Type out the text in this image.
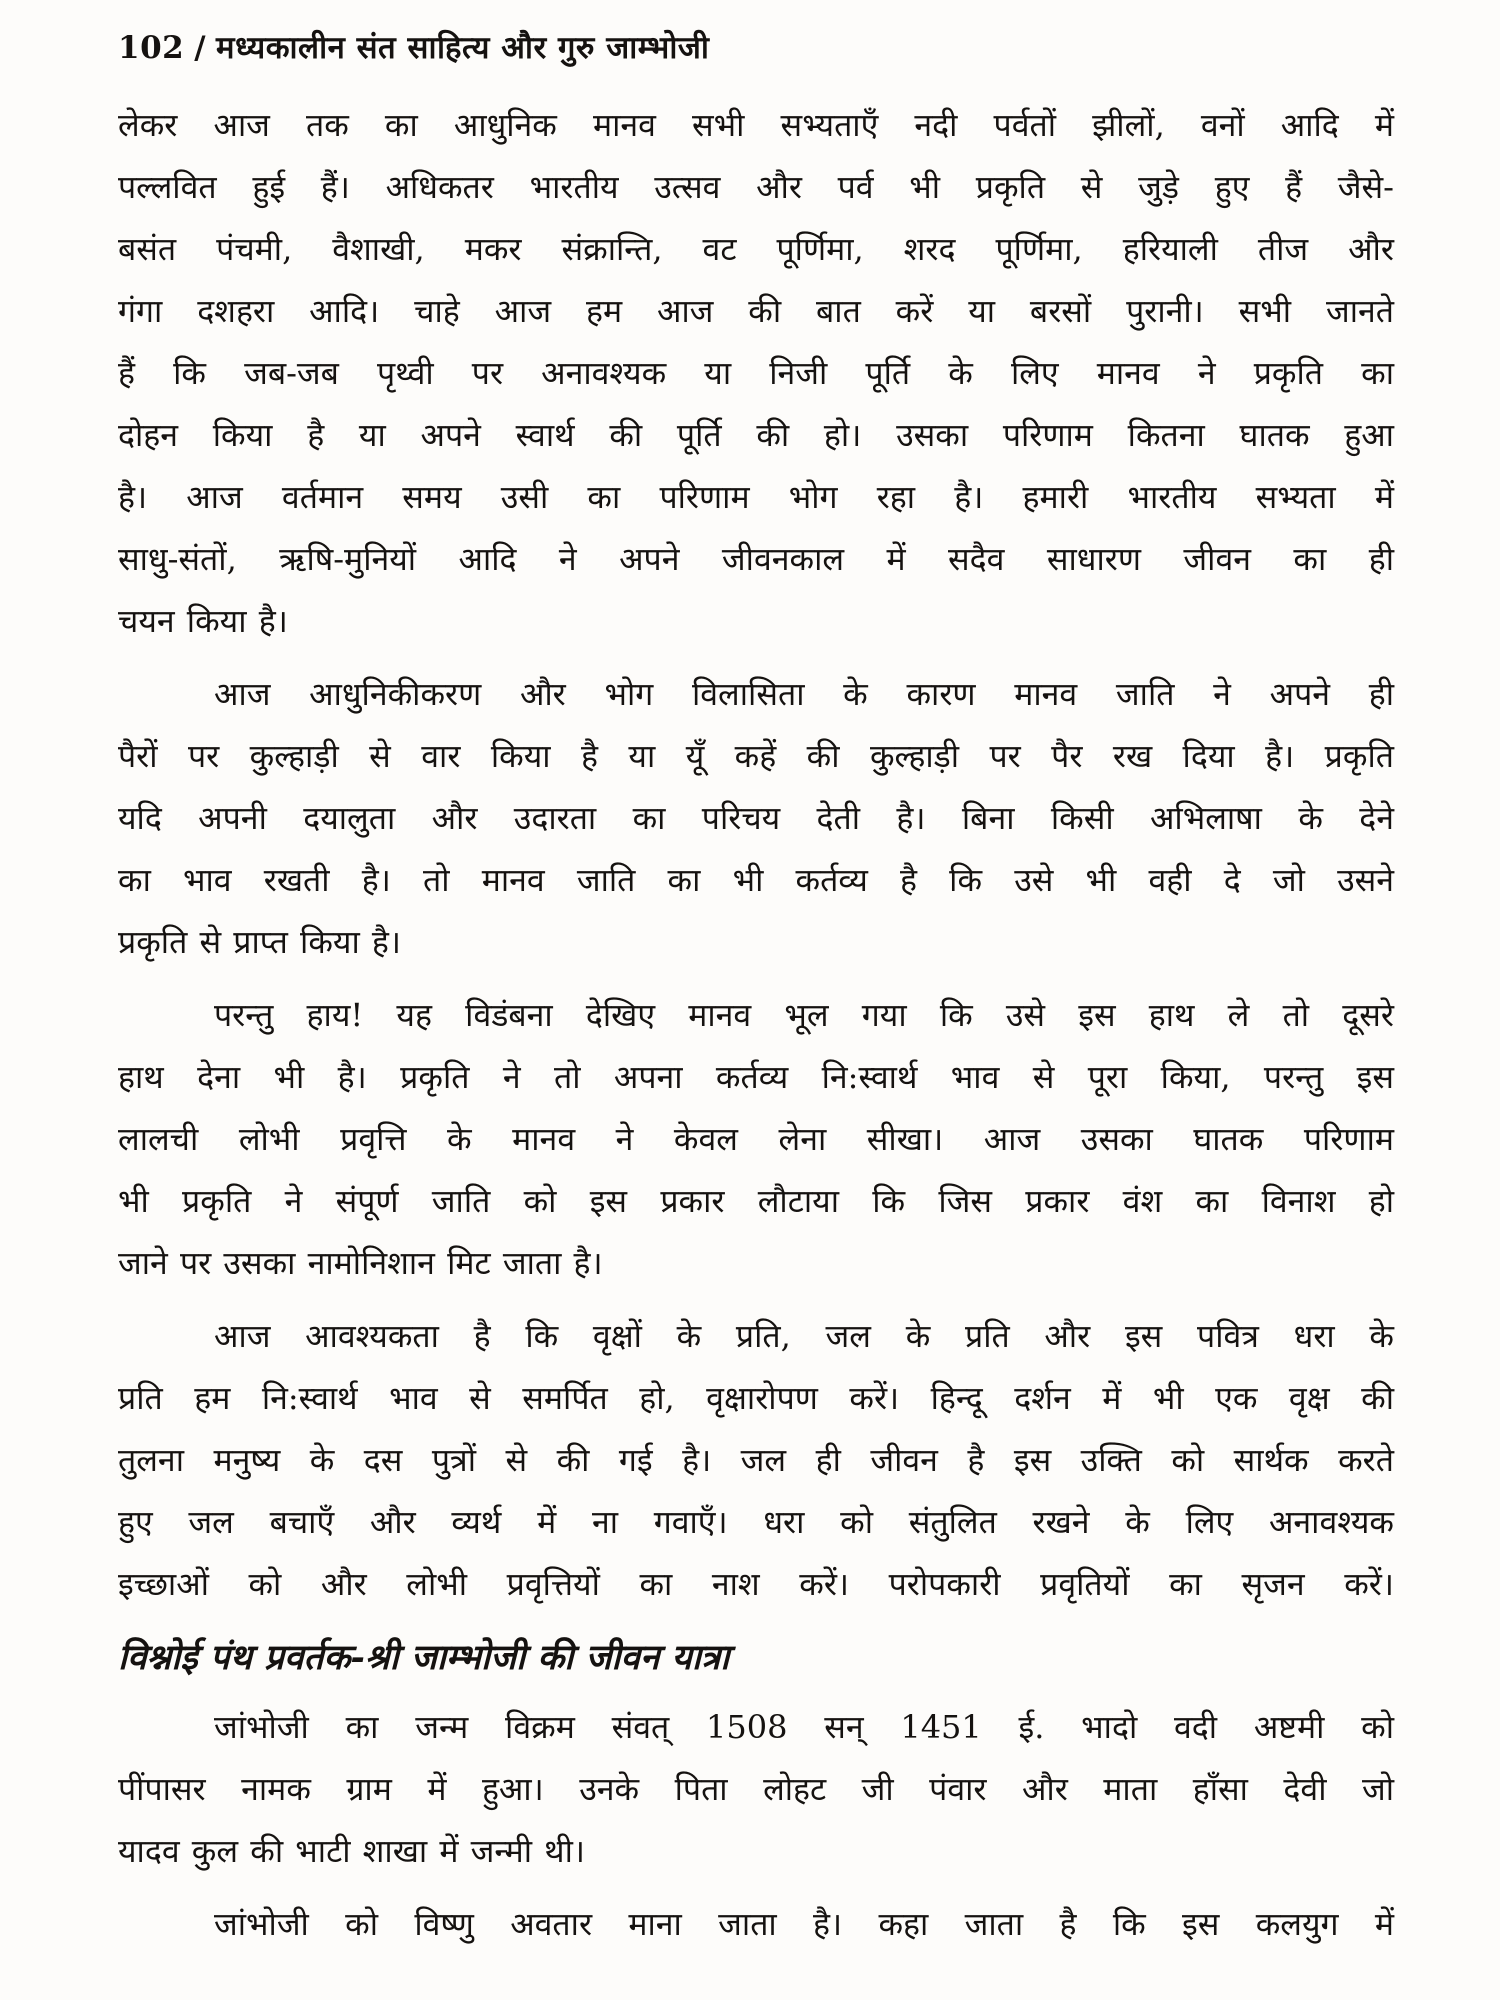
102 / मध्यकालीन संत साहित्य और गुरु जाम्भोजी
लेकर आज तक का आधुनिक मानव सभी सभ्यताएँ नदी पर्वतों झीलों, वनों आदि में
पल्लवित हुई हैं। अधिकतर भारतीय उत्सव और पर्व भी प्रकृति से जुड़े हुए हैं जैसे-
बसंत पंचमी, वैशाखी, मकर संक्रान्ति, वट पूर्णिमा, शरद पूर्णिमा, हरियाली तीज और
गंगा दशहरा आदि। चाहे आज हम आज की बात करें या बरसों पुरानी। सभी जानते
हैं कि जब-जब पृथ्वी पर अनावश्यक या निजी पूर्ति के लिए मानव ने प्रकृति का
दोहन किया है या अपने स्वार्थ की पूर्ति की हो। उसका परिणाम कितना घातक हुआ
है। आज वर्तमान समय उसी का परिणाम भोग रहा है। हमारी भारतीय सभ्यता में
साधु-संतों, ऋषि-मुनियों आदि ने अपने जीवनकाल में सदैव साधारण जीवन का ही
चयन किया है।
आज आधुनिकीकरण और भोग विलासिता के कारण मानव जाति ने अपने ही
पैरों पर कुल्हाड़ी से वार किया है या यूँ कहें की कुल्हाड़ी पर पैर रख दिया है। प्रकृति
यदि अपनी दयालुता और उदारता का परिचय देती है। बिना किसी अभिलाषा के देने
का भाव रखती है। तो मानव जाति का भी कर्तव्य है कि उसे भी वही दे जो उसने
प्रकृति से प्राप्त किया है।
परन्तु हाय! यह विडंबना देखिए मानव भूल गया कि उसे इस हाथ ले तो दूसरे
हाथ देना भी है। प्रकृति ने तो अपना कर्तव्य नि:स्वार्थ भाव से पूरा किया, परन्तु इस
लालची लोभी प्रवृत्ति के मानव ने केवल लेना सीखा। आज उसका घातक परिणाम
भी प्रकृति ने संपूर्ण जाति को इस प्रकार लौटाया कि जिस प्रकार वंश का विनाश हो
जाने पर उसका नामोनिशान मिट जाता है।
आज आवश्यकता है कि वृक्षों के प्रति, जल के प्रति और इस पवित्र धरा के
प्रति हम नि:स्वार्थ भाव से समर्पित हो, वृक्षारोपण करें। हिन्दू दर्शन में भी एक वृक्ष की
तुलना मनुष्य के दस पुत्रों से की गई है। जल ही जीवन है इस उक्ति को सार्थक करते
हुए जल बचाएँ और व्यर्थ में ना गवाएँ। धरा को संतुलित रखने के लिए अनावश्यक
इच्छाओं को और लोभी प्रवृत्तियों का नाश करें। परोपकारी प्रवृतियों का सृजन करें।
विश्नोई पंथ प्रवर्तक-श्री जाम्भोजी की जीवन यात्रा
जांभोजी का जन्म विक्रम संवत् 1508 सन् 1451 ई. भादो वदी अष्टमी को
पींपासर नामक ग्राम में हुआ। उनके पिता लोहट जी पंवार और माता हाँसा देवी जो
यादव कुल की भाटी शाखा में जन्मी थी।
जांभोजी को विष्णु अवतार माना जाता है। कहा जाता है कि इस कलयुग में
